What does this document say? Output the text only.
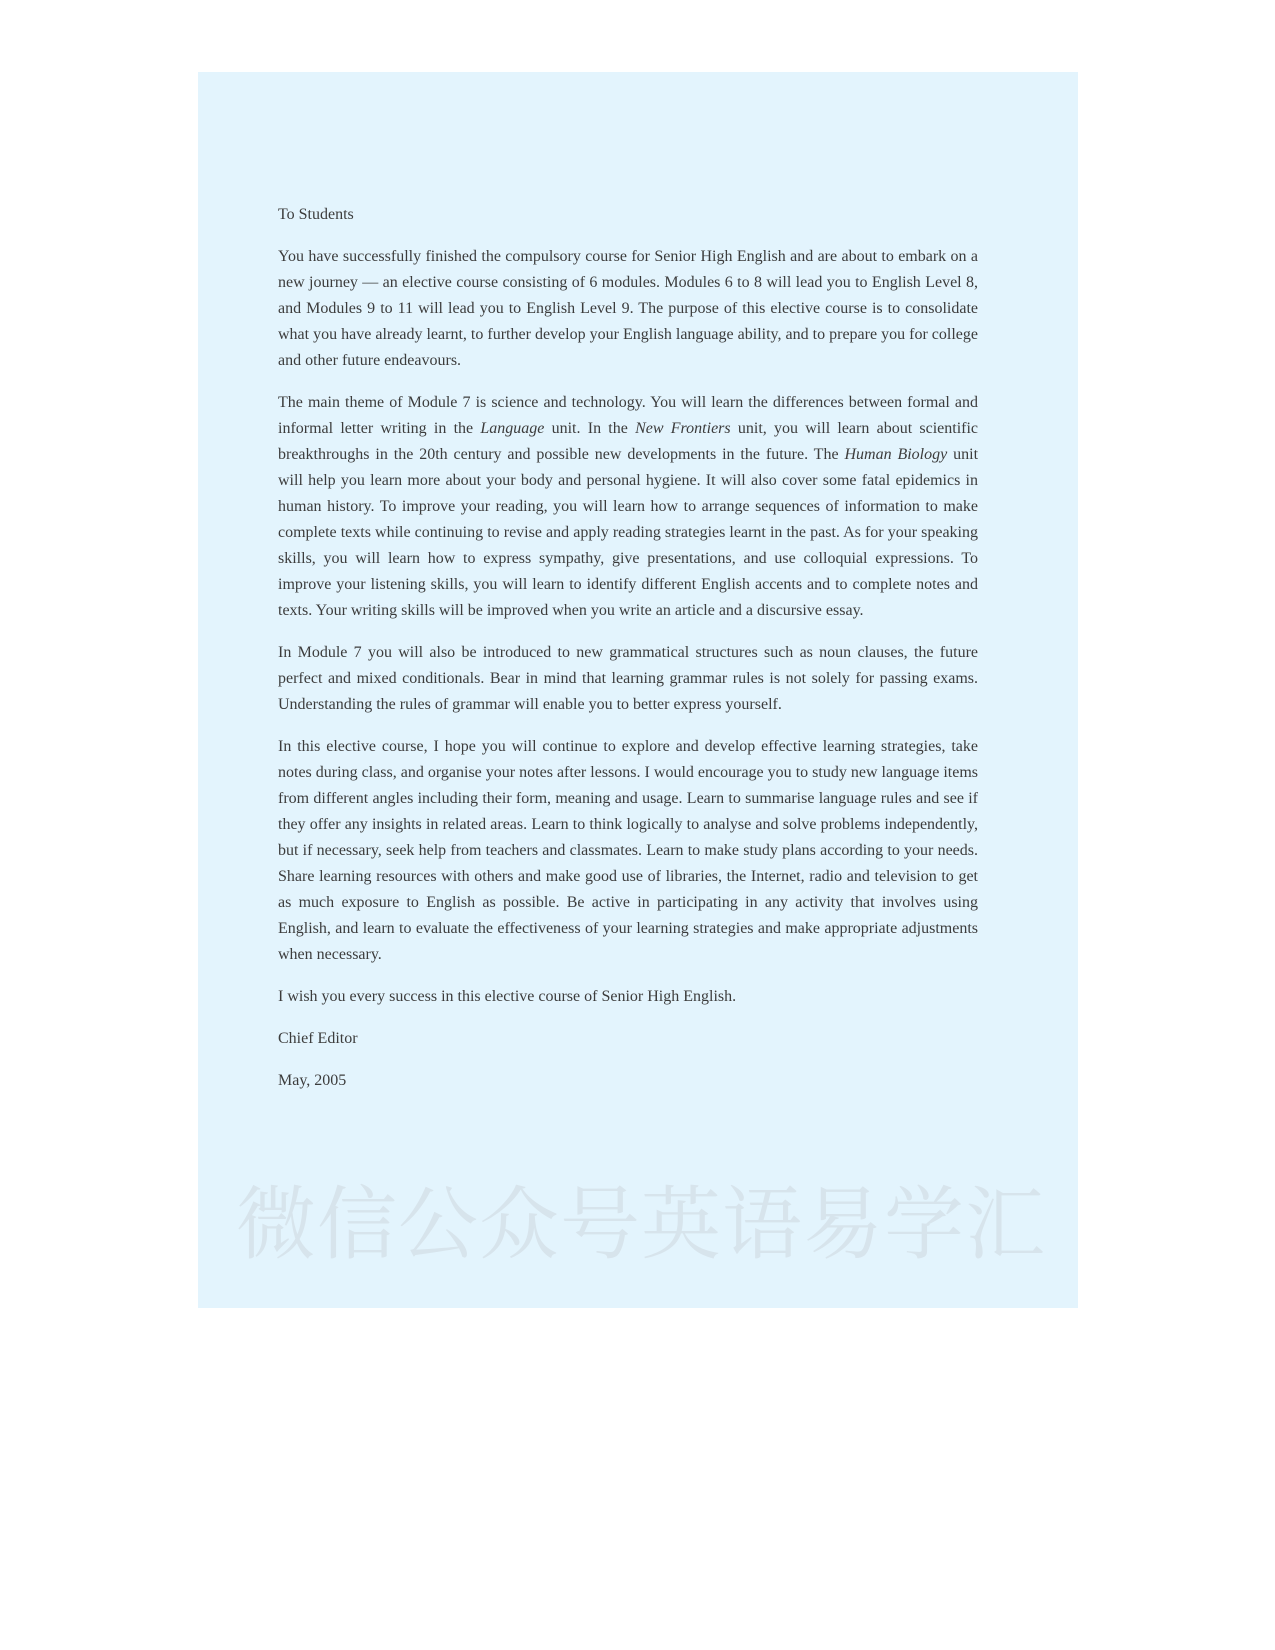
To Students

You have successfully finished the compulsory course for Senior High English and are about to embark on a new journey — an elective course consisting of 6 modules. Modules 6 to 8 will lead you to English Level 8, and Modules 9 to 11 will lead you to English Level 9. The purpose of this elective course is to consolidate what you have already learnt, to further develop your English language ability, and to prepare you for college and other future endeavours.

The main theme of Module 7 is science and technology. You will learn the differences between formal and informal letter writing in the Language unit. In the New Frontiers unit, you will learn about scientific breakthroughs in the 20th century and possible new developments in the future. The Human Biology unit will help you learn more about your body and personal hygiene. It will also cover some fatal epidemics in human history. To improve your reading, you will learn how to arrange sequences of information to make complete texts while continuing to revise and apply reading strategies learnt in the past. As for your speaking skills, you will learn how to express sympathy, give presentations, and use colloquial expressions. To improve your listening skills, you will learn to identify different English accents and to complete notes and texts. Your writing skills will be improved when you write an article and a discursive essay.

In Module 7 you will also be introduced to new grammatical structures such as noun clauses, the future perfect and mixed conditionals. Bear in mind that learning grammar rules is not solely for passing exams. Understanding the rules of grammar will enable you to better express yourself.

In this elective course, I hope you will continue to explore and develop effective learning strategies, take notes during class, and organise your notes after lessons. I would encourage you to study new language items from different angles including their form, meaning and usage. Learn to summarise language rules and see if they offer any insights in related areas. Learn to think logically to analyse and solve problems independently, but if necessary, seek help from teachers and classmates. Learn to make study plans according to your needs. Share learning resources with others and make good use of libraries, the Internet, radio and television to get as much exposure to English as possible. Be active in participating in any activity that involves using English, and learn to evaluate the effectiveness of your learning strategies and make appropriate adjustments when necessary.

I wish you every success in this elective course of Senior High English.

Chief Editor

May, 2005

微信公众号英语易学汇
